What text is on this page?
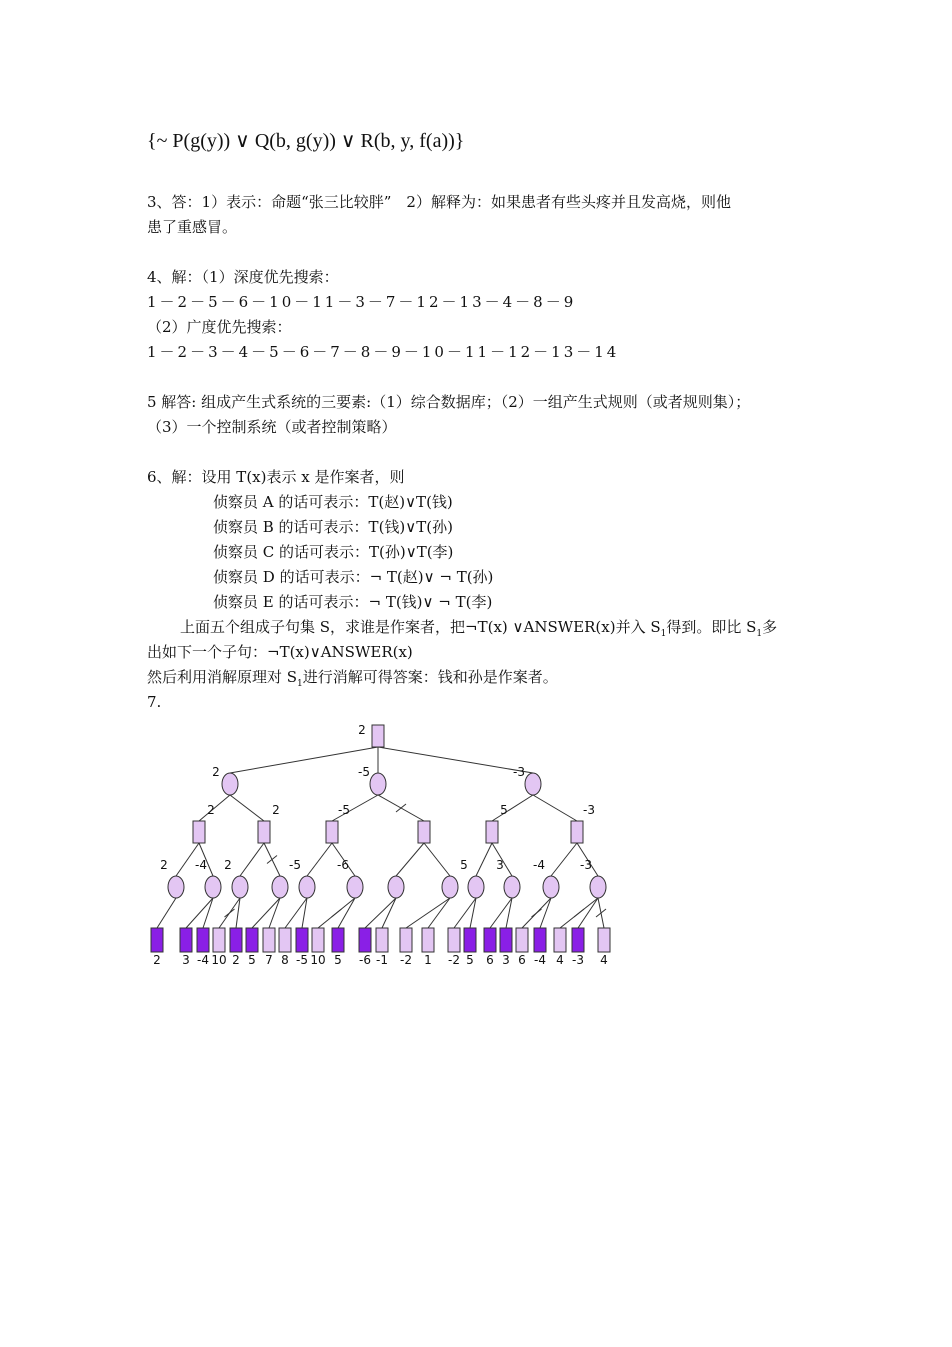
{~ P(g(y)) ∨ Q(b, g(y)) ∨ R(b, y, f(a))}
3、答：1）表示：命题“张三比较胖”　2）解释为：如果患者有些头疼并且发高烧，则他
患了重感冒。
4、解：（1）深度优先搜索：
1－2－5－6－10－11－3－7－12－13－4－8－9
（2）广度优先搜索：
1－2－3－4－5－6－7－8－9－10－11－12－13－14
5 解答: 组成产生式系统的三要素:（1）综合数据库；（2）一组产生式规则（或者规则集）；
（3）一个控制系统（或者控制策略）
6、解：设用 T(x)表示 x 是作案者，则
侦察员 A 的话可表示：T(赵)∨T(钱)
侦察员 B 的话可表示：T(钱)∨T(孙)
侦察员 C 的话可表示：T(孙)∨T(李)
侦察员 D 的话可表示：¬ T(赵)∨ ¬ T(孙)
侦察员 E 的话可表示：¬ T(钱)∨ ¬ T(李)
上面五个组成子句集 S，求谁是作案者，把¬T(x) ∨ANSWER(x)并入 $S_1$得到。即比 $S_1$多
出如下一个子句：¬T(x)∨ANSWER(x)
然后利用消解原理对 $S_1$进行消解可得答案：钱和孙是作案者。
7.
2
2	-5	-3
2	2	-5	5	-3
2 -4 2	-5	-6	5 3 -4	-3
2 3 -4 10 2 5 7 8 -5 10 5 -6 -1 -2 1 -2 5 6 3 6 -4 4 -3 4
